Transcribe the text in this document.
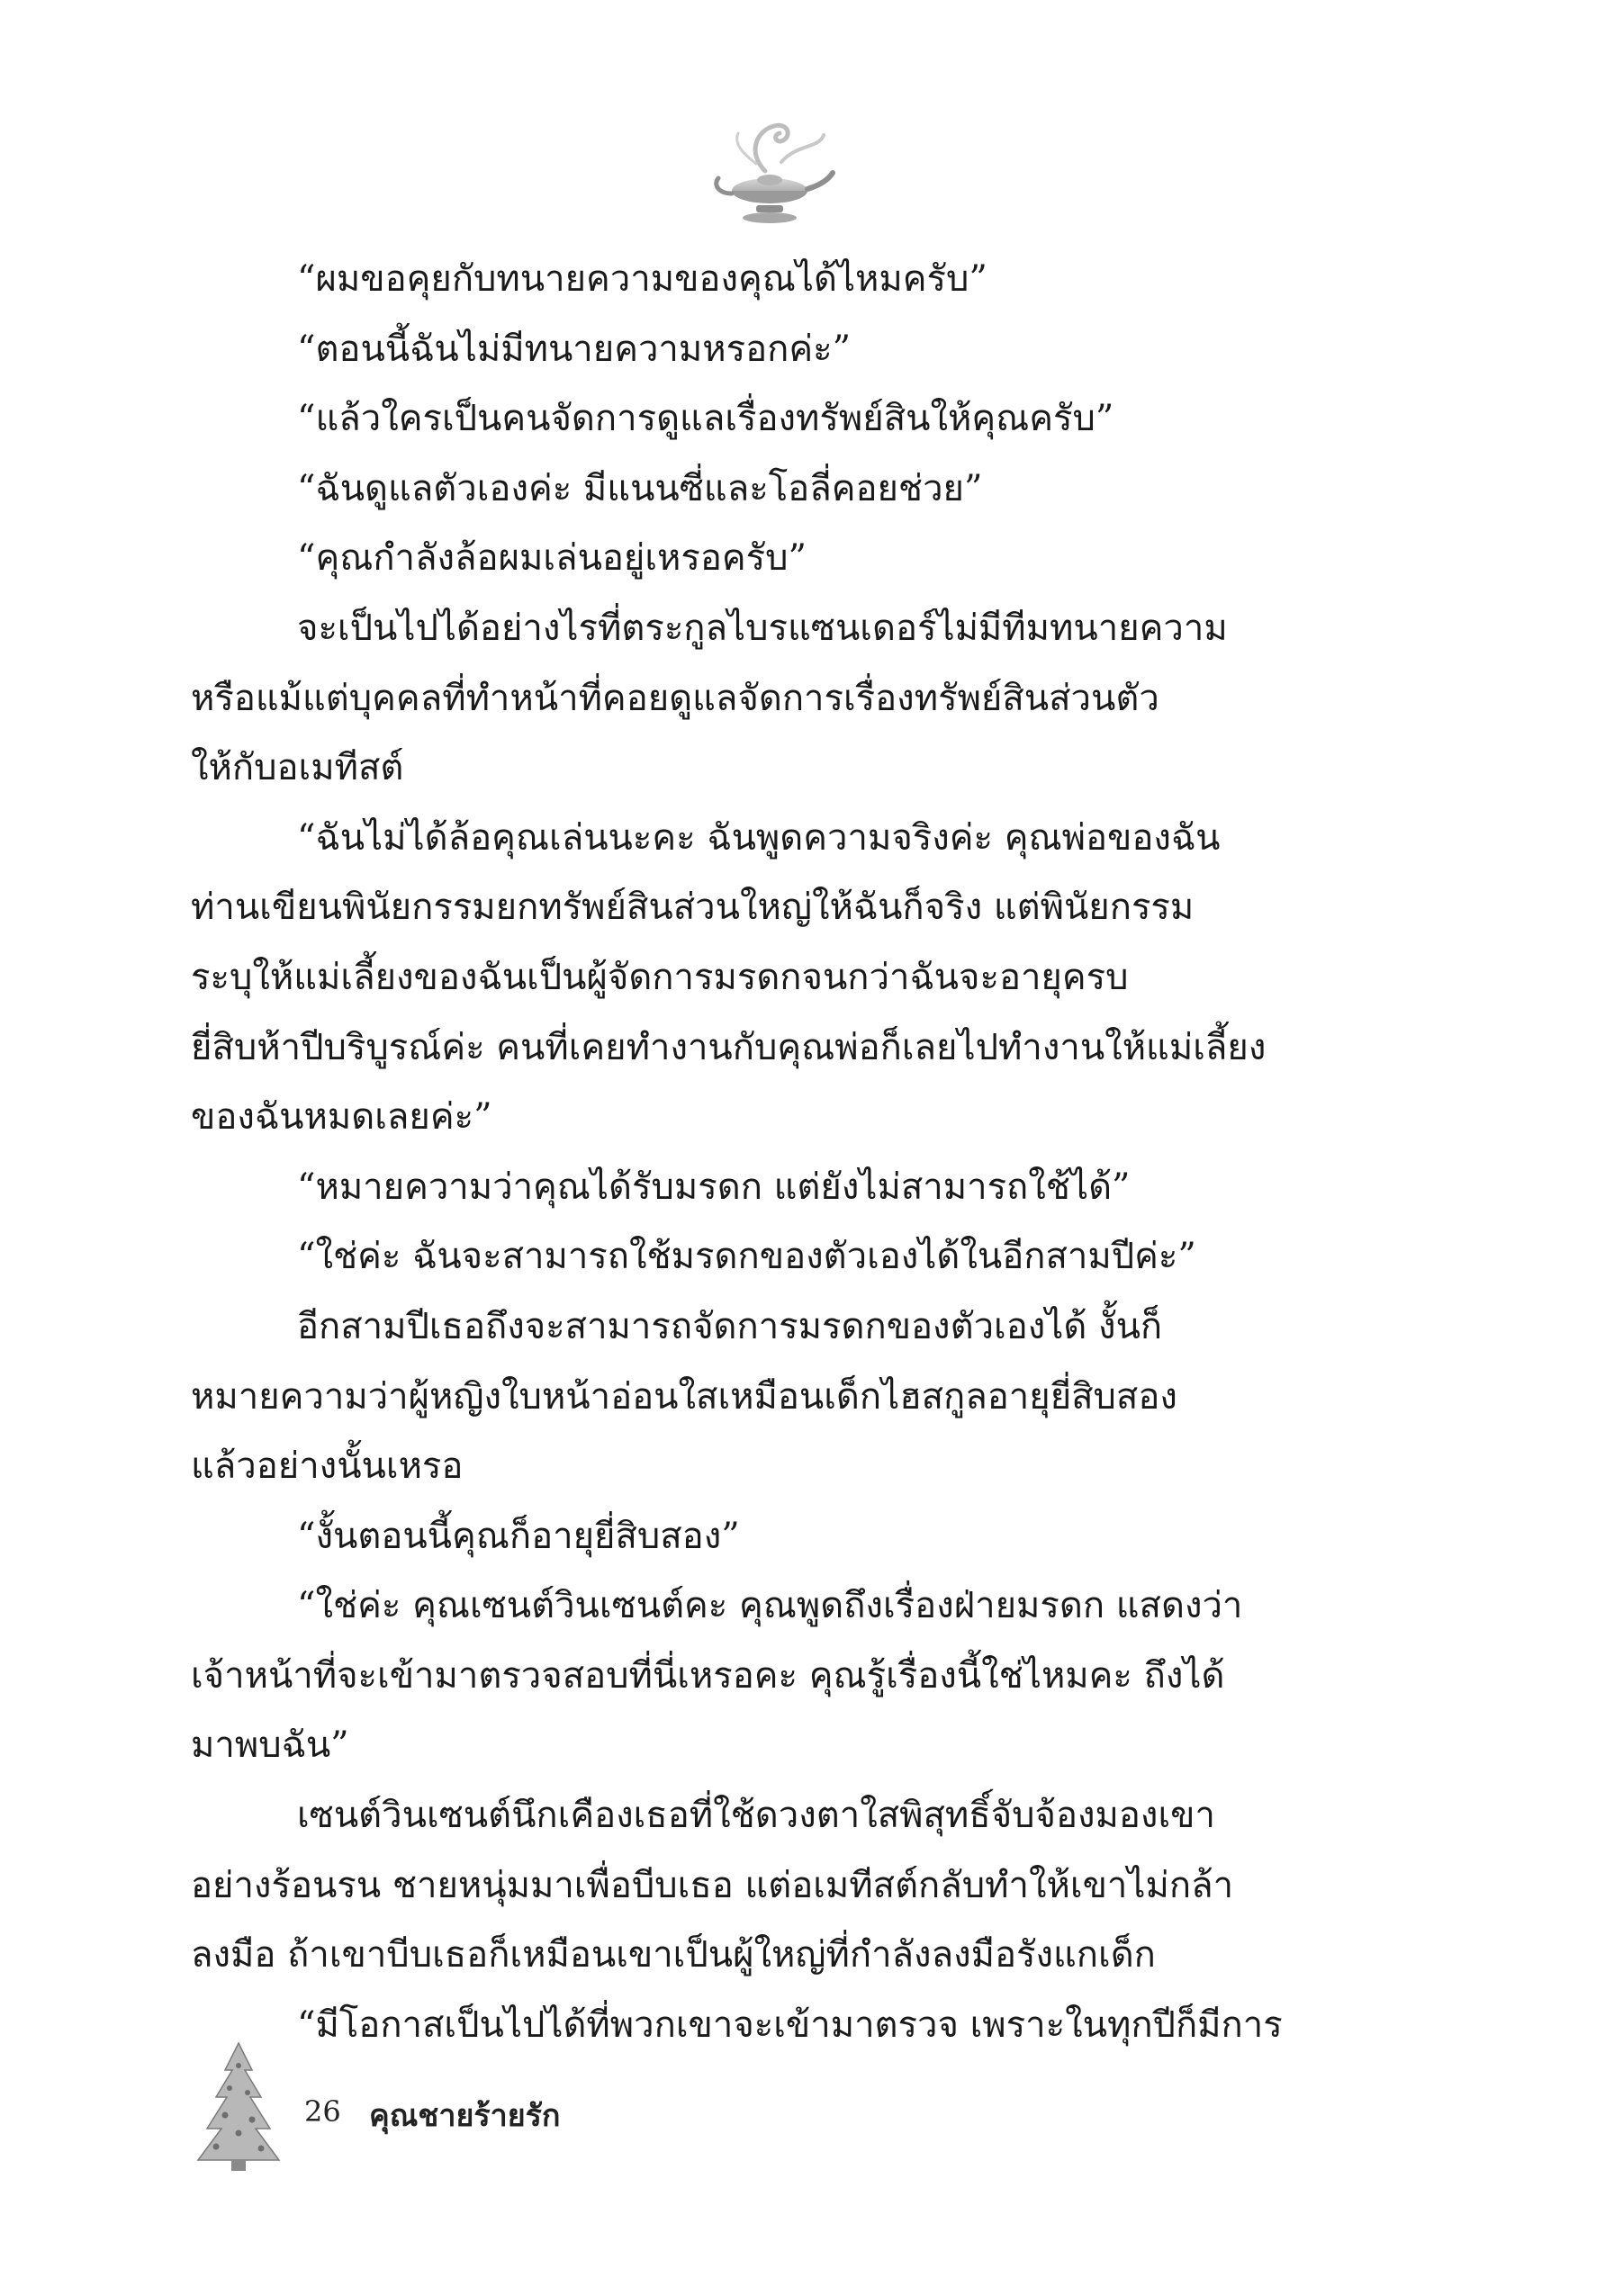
“ผมขอคุยกับทนายความของคุณได้ไหมครับ”
“ตอนนี้ฉันไม่มีทนายความหรอกค่ะ”
“แล้วใครเป็นคนจัดการดูแลเรื่องทรัพย์สินให้คุณครับ”
“ฉันดูแลตัวเองค่ะ มีแนนซี่และโอลี่คอยช่วย”
“คุณกำลังล้อผมเล่นอยู่เหรอครับ”
จะเป็นไปได้อย่างไรที่ตระกูลไบรแซนเดอร์ไม่มีทีมทนายความ
หรือแม้แต่บุคคลที่ทำหน้าที่คอยดูแลจัดการเรื่องทรัพย์สินส่วนตัว
ให้กับอเมทีสต์
“ฉันไม่ได้ล้อคุณเล่นนะคะ ฉันพูดความจริงค่ะ คุณพ่อของฉัน
ท่านเขียนพินัยกรรมยกทรัพย์สินส่วนใหญ่ให้ฉันก็จริง แต่พินัยกรรม
ระบุให้แม่เลี้ยงของฉันเป็นผู้จัดการมรดกจนกว่าฉันจะอายุครบ
ยี่สิบห้าปีบริบูรณ์ค่ะ คนที่เคยทำงานกับคุณพ่อก็เลยไปทำงานให้แม่เลี้ยง
ของฉันหมดเลยค่ะ”
“หมายความว่าคุณได้รับมรดก แต่ยังไม่สามารถใช้ได้”
“ใช่ค่ะ ฉันจะสามารถใช้มรดกของตัวเองได้ในอีกสามปีค่ะ”
อีกสามปีเธอถึงจะสามารถจัดการมรดกของตัวเองได้ งั้นก็
หมายความว่าผู้หญิงใบหน้าอ่อนใสเหมือนเด็กไฮสกูลอายุยี่สิบสอง
แล้วอย่างนั้นเหรอ
“งั้นตอนนี้คุณก็อายุยี่สิบสอง”
“ใช่ค่ะ คุณเซนต์วินเซนต์คะ คุณพูดถึงเรื่องฝ่ายมรดก แสดงว่า
เจ้าหน้าที่จะเข้ามาตรวจสอบที่นี่เหรอคะ คุณรู้เรื่องนี้ใช่ไหมคะ ถึงได้
มาพบฉัน”
เซนต์วินเซนต์นึกเคืองเธอที่ใช้ดวงตาใสพิสุทธิ์จับจ้องมองเขา
อย่างร้อนรน ชายหนุ่มมาเพื่อบีบเธอ แต่อเมทีสต์กลับทำให้เขาไม่กล้า
ลงมือ ถ้าเขาบีบเธอก็เหมือนเขาเป็นผู้ใหญ่ที่กำลังลงมือรังแกเด็ก
“มีโอกาสเป็นไปได้ที่พวกเขาจะเข้ามาตรวจ เพราะในทุกปีก็มีการ
26 คุณชายร้ายรัก
